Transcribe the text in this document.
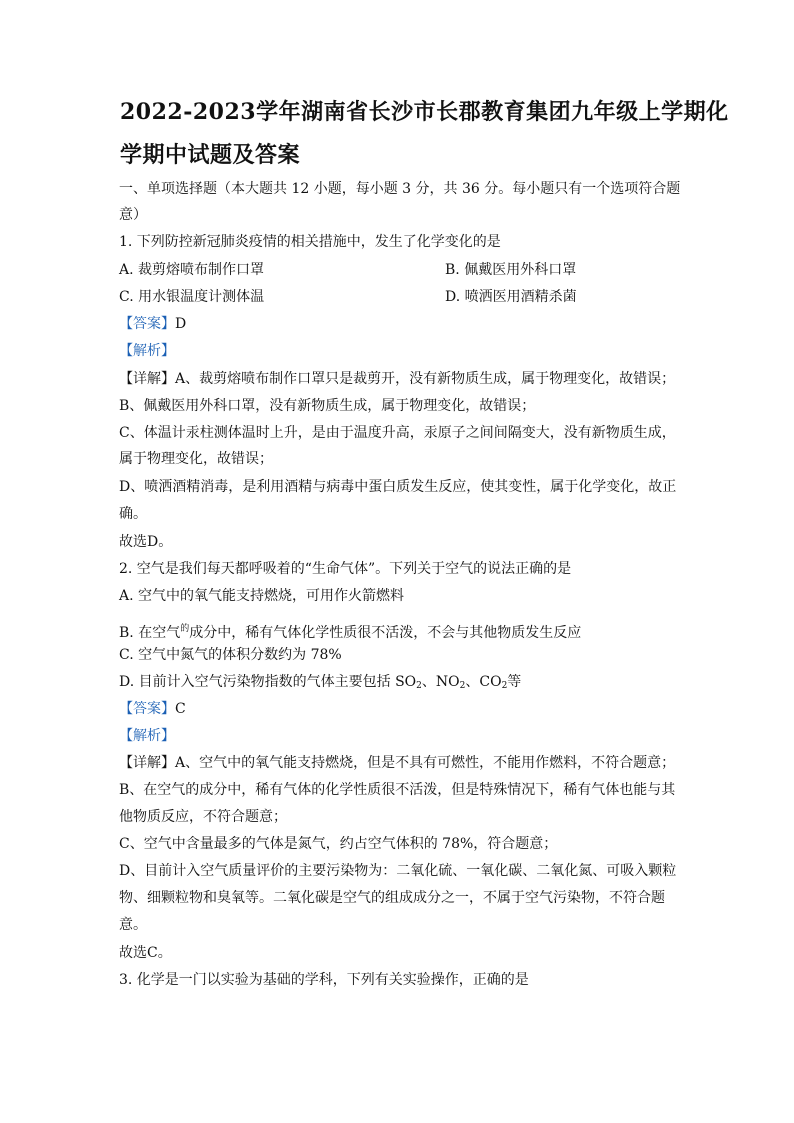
2022-2023学年湖南省长沙市长郡教育集团九年级上学期化
学期中试题及答案
一、单项选择题（本大题共 12 小题，每小题 3 分，共 36 分。每小题只有一个选项符合题
意）
1. 下列防控新冠肺炎疫情的相关措施中，发生了化学变化的是
A. 裁剪熔喷布制作口罩	B. 佩戴医用外科口罩
C. 用水银温度计测体温	D. 喷洒医用酒精杀菌
【答案】D
【解析】
【详解】A、裁剪熔喷布制作口罩只是裁剪开，没有新物质生成，属于物理变化，故错误；
B、佩戴医用外科口罩，没有新物质生成，属于物理变化，故错误；
C、体温计汞柱测体温时上升，是由于温度升高，汞原子之间间隔变大，没有新物质生成，
属于物理变化，故错误；
D、喷洒酒精消毒，是利用酒精与病毒中蛋白质发生反应，使其变性，属于化学变化，故正
确。
故选D。
2. 空气是我们每天都呼吸着的“生命气体”。下列关于空气的说法正确的是
A. 空气中的氧气能支持燃烧，可用作火箭燃料
B. 在空气$^的$成分中，稀有气体化学性质很不活泼，不会与其他物质发生反应
C. 空气中氮气的体积分数约为 78%
D. 目前计入空气污染物指数的气体主要包括 $SO_2$、$NO_2$、$CO_2$等
【答案】C
【解析】
【详解】A、空气中的氧气能支持燃烧，但是不具有可燃性，不能用作燃料，不符合题意；
B、在空气的成分中，稀有气体的化学性质很不活泼，但是特殊情况下，稀有气体也能与其
他物质反应，不符合题意；
C、空气中含量最多的气体是氮气，约占空气体积的 78%，符合题意；
D、目前计入空气质量评价的主要污染物为：二氧化硫、一氧化碳、二氧化氮、可吸入颗粒
物、细颗粒物和臭氧等。二氧化碳是空气的组成成分之一，不属于空气污染物，不符合题
意。
故选C。
3. 化学是一门以实验为基础的学科，下列有关实验操作，正确的是
